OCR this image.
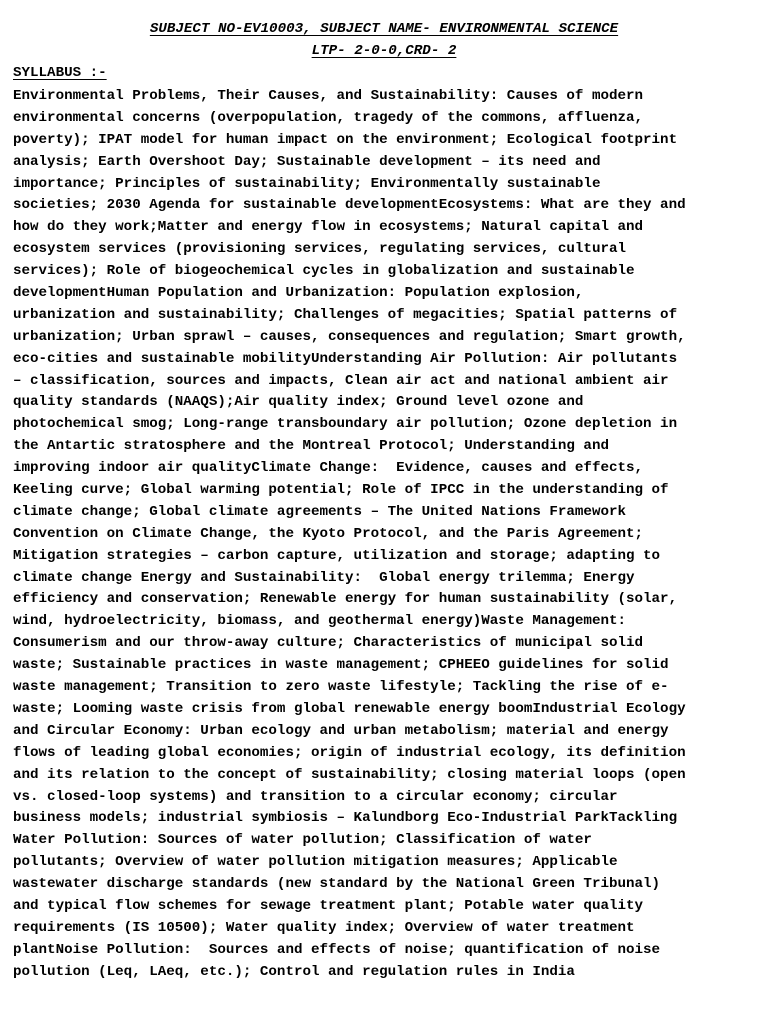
SUBJECT NO-EV10003, SUBJECT NAME- ENVIRONMENTAL SCIENCE
LTP- 2-0-0,CRD- 2
SYLLABUS :-
Environmental Problems, Their Causes, and Sustainability: Causes of modern
environmental concerns (overpopulation, tragedy of the commons, affluenza,
poverty); IPAT model for human impact on the environment; Ecological footprint
analysis; Earth Overshoot Day; Sustainable development – its need and
importance; Principles of sustainability; Environmentally sustainable
societies; 2030 Agenda for sustainable developmentEcosystems: What are they and
how do they work;Matter and energy flow in ecosystems; Natural capital and
ecosystem services (provisioning services, regulating services, cultural
services); Role of biogeochemical cycles in globalization and sustainable
developmentHuman Population and Urbanization: Population explosion,
urbanization and sustainability; Challenges of megacities; Spatial patterns of
urbanization; Urban sprawl – causes, consequences and regulation; Smart growth,
eco-cities and sustainable mobilityUnderstanding Air Pollution: Air pollutants
– classification, sources and impacts, Clean air act and national ambient air
quality standards (NAAQS);Air quality index; Ground level ozone and
photochemical smog; Long-range transboundary air pollution; Ozone depletion in
the Antartic stratosphere and the Montreal Protocol; Understanding and
improving indoor air qualityClimate Change:  Evidence, causes and effects,
Keeling curve; Global warming potential; Role of IPCC in the understanding of
climate change; Global climate agreements – The United Nations Framework
Convention on Climate Change, the Kyoto Protocol, and the Paris Agreement;
Mitigation strategies – carbon capture, utilization and storage; adapting to
climate change Energy and Sustainability:  Global energy trilemma; Energy
efficiency and conservation; Renewable energy for human sustainability (solar,
wind, hydroelectricity, biomass, and geothermal energy)Waste Management:
Consumerism and our throw-away culture; Characteristics of municipal solid
waste; Sustainable practices in waste management; CPHEEO guidelines for solid
waste management; Transition to zero waste lifestyle; Tackling the rise of e-
waste; Looming waste crisis from global renewable energy boomIndustrial Ecology
and Circular Economy: Urban ecology and urban metabolism; material and energy
flows of leading global economies; origin of industrial ecology, its definition
and its relation to the concept of sustainability; closing material loops (open
vs. closed-loop systems) and transition to a circular economy; circular
business models; industrial symbiosis – Kalundborg Eco-Industrial ParkTackling
Water Pollution: Sources of water pollution; Classification of water
pollutants; Overview of water pollution mitigation measures; Applicable
wastewater discharge standards (new standard by the National Green Tribunal)
and typical flow schemes for sewage treatment plant; Potable water quality
requirements (IS 10500); Water quality index; Overview of water treatment
plantNoise Pollution:  Sources and effects of noise; quantification of noise
pollution (Leq, LAeq, etc.); Control and regulation rules in India
